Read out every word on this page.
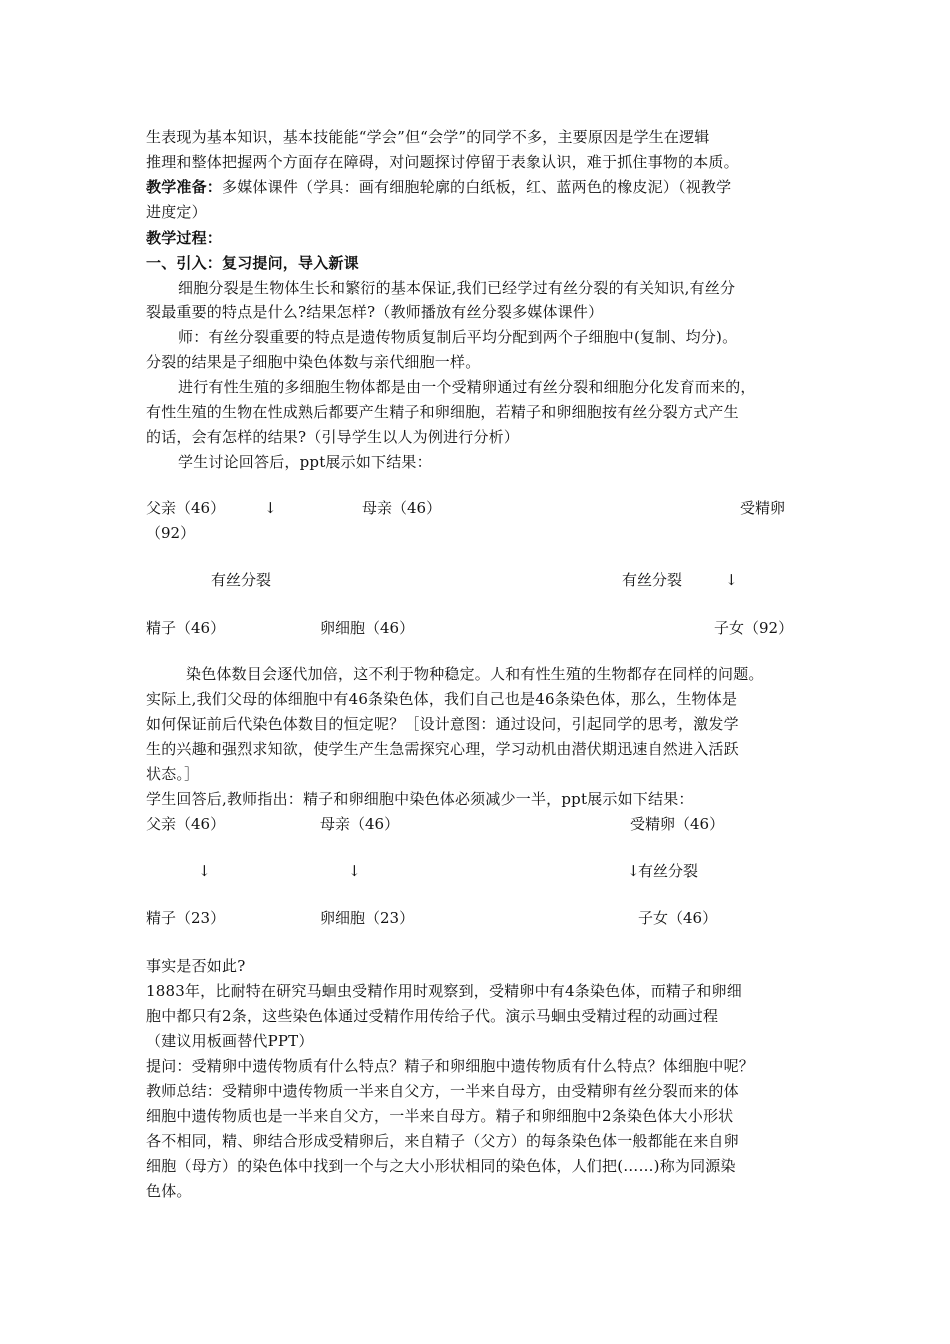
生表现为基本知识，基本技能能“学会”但“会学”的同学不多，主要原因是学生在逻辑
推理和整体把握两个方面存在障碍，对问题探讨停留于表象认识，难于抓住事物的本质。
教学准备：多媒体课件（学具：画有细胞轮廓的白纸板，红、蓝两色的橡皮泥）（视教学
进度定）
教学过程：
一、引入：复习提问，导入新课
细胞分裂是生物体生长和繁衍的基本保证,我们已经学过有丝分裂的有关知识,有丝分
裂最重要的特点是什么?结果怎样?（教师播放有丝分裂多媒体课件）
师：有丝分裂重要的特点是遗传物质复制后平均分配到两个子细胞中(复制、均分)。
分裂的结果是子细胞中染色体数与亲代细胞一样。
进行有性生殖的多细胞生物体都是由一个受精卵通过有丝分裂和细胞分化发育而来的，
有性生殖的生物在性成熟后都要产生精子和卵细胞，若精子和卵细胞按有丝分裂方式产生
的话，会有怎样的结果?（引导学生以人为例进行分析）
学生讨论回答后，ppt展示如下结果：
父亲（46）	↓	母亲（46）	受精卵
（92）
有丝分裂	有丝分裂	↓
精子（46）	卵细胞（46）	子女（92）
染色体数目会逐代加倍，这不利于物种稳定。人和有性生殖的生物都存在同样的问题。
实际上,我们父母的体细胞中有46条染色体，我们自己也是46条染色体，那么，生物体是
如何保证前后代染色体数目的恒定呢？［设计意图：通过设问，引起同学的思考，激发学
生的兴趣和强烈求知欲，使学生产生急需探究心理，学习动机由潜伏期迅速自然进入活跃
状态。］
学生回答后,教师指出：精子和卵细胞中染色体必须减少一半，ppt展示如下结果：
父亲（46）	母亲（46）	受精卵（46）
↓	↓	↓
有丝分裂
精子（23）	卵细胞（23）	子女（46）
事实是否如此?
1883年，比耐特在研究马蛔虫受精作用时观察到，受精卵中有4条染色体，而精子和卵细
胞中都只有2条，这些染色体通过受精作用传给子代。演示马蛔虫受精过程的动画过程
（建议用板画替代PPT）
提问：受精卵中遗传物质有什么特点？精子和卵细胞中遗传物质有什么特点？体细胞中呢？
教师总结：受精卵中遗传物质一半来自父方，一半来自母方，由受精卵有丝分裂而来的体
细胞中遗传物质也是一半来自父方，一半来自母方。精子和卵细胞中2条染色体大小形状
各不相同，精、卵结合形成受精卵后，来自精子（父方）的每条染色体一般都能在来自卵
细胞（母方）的染色体中找到一个与之大小形状相同的染色体，人们把(……)称为同源染
色体。
